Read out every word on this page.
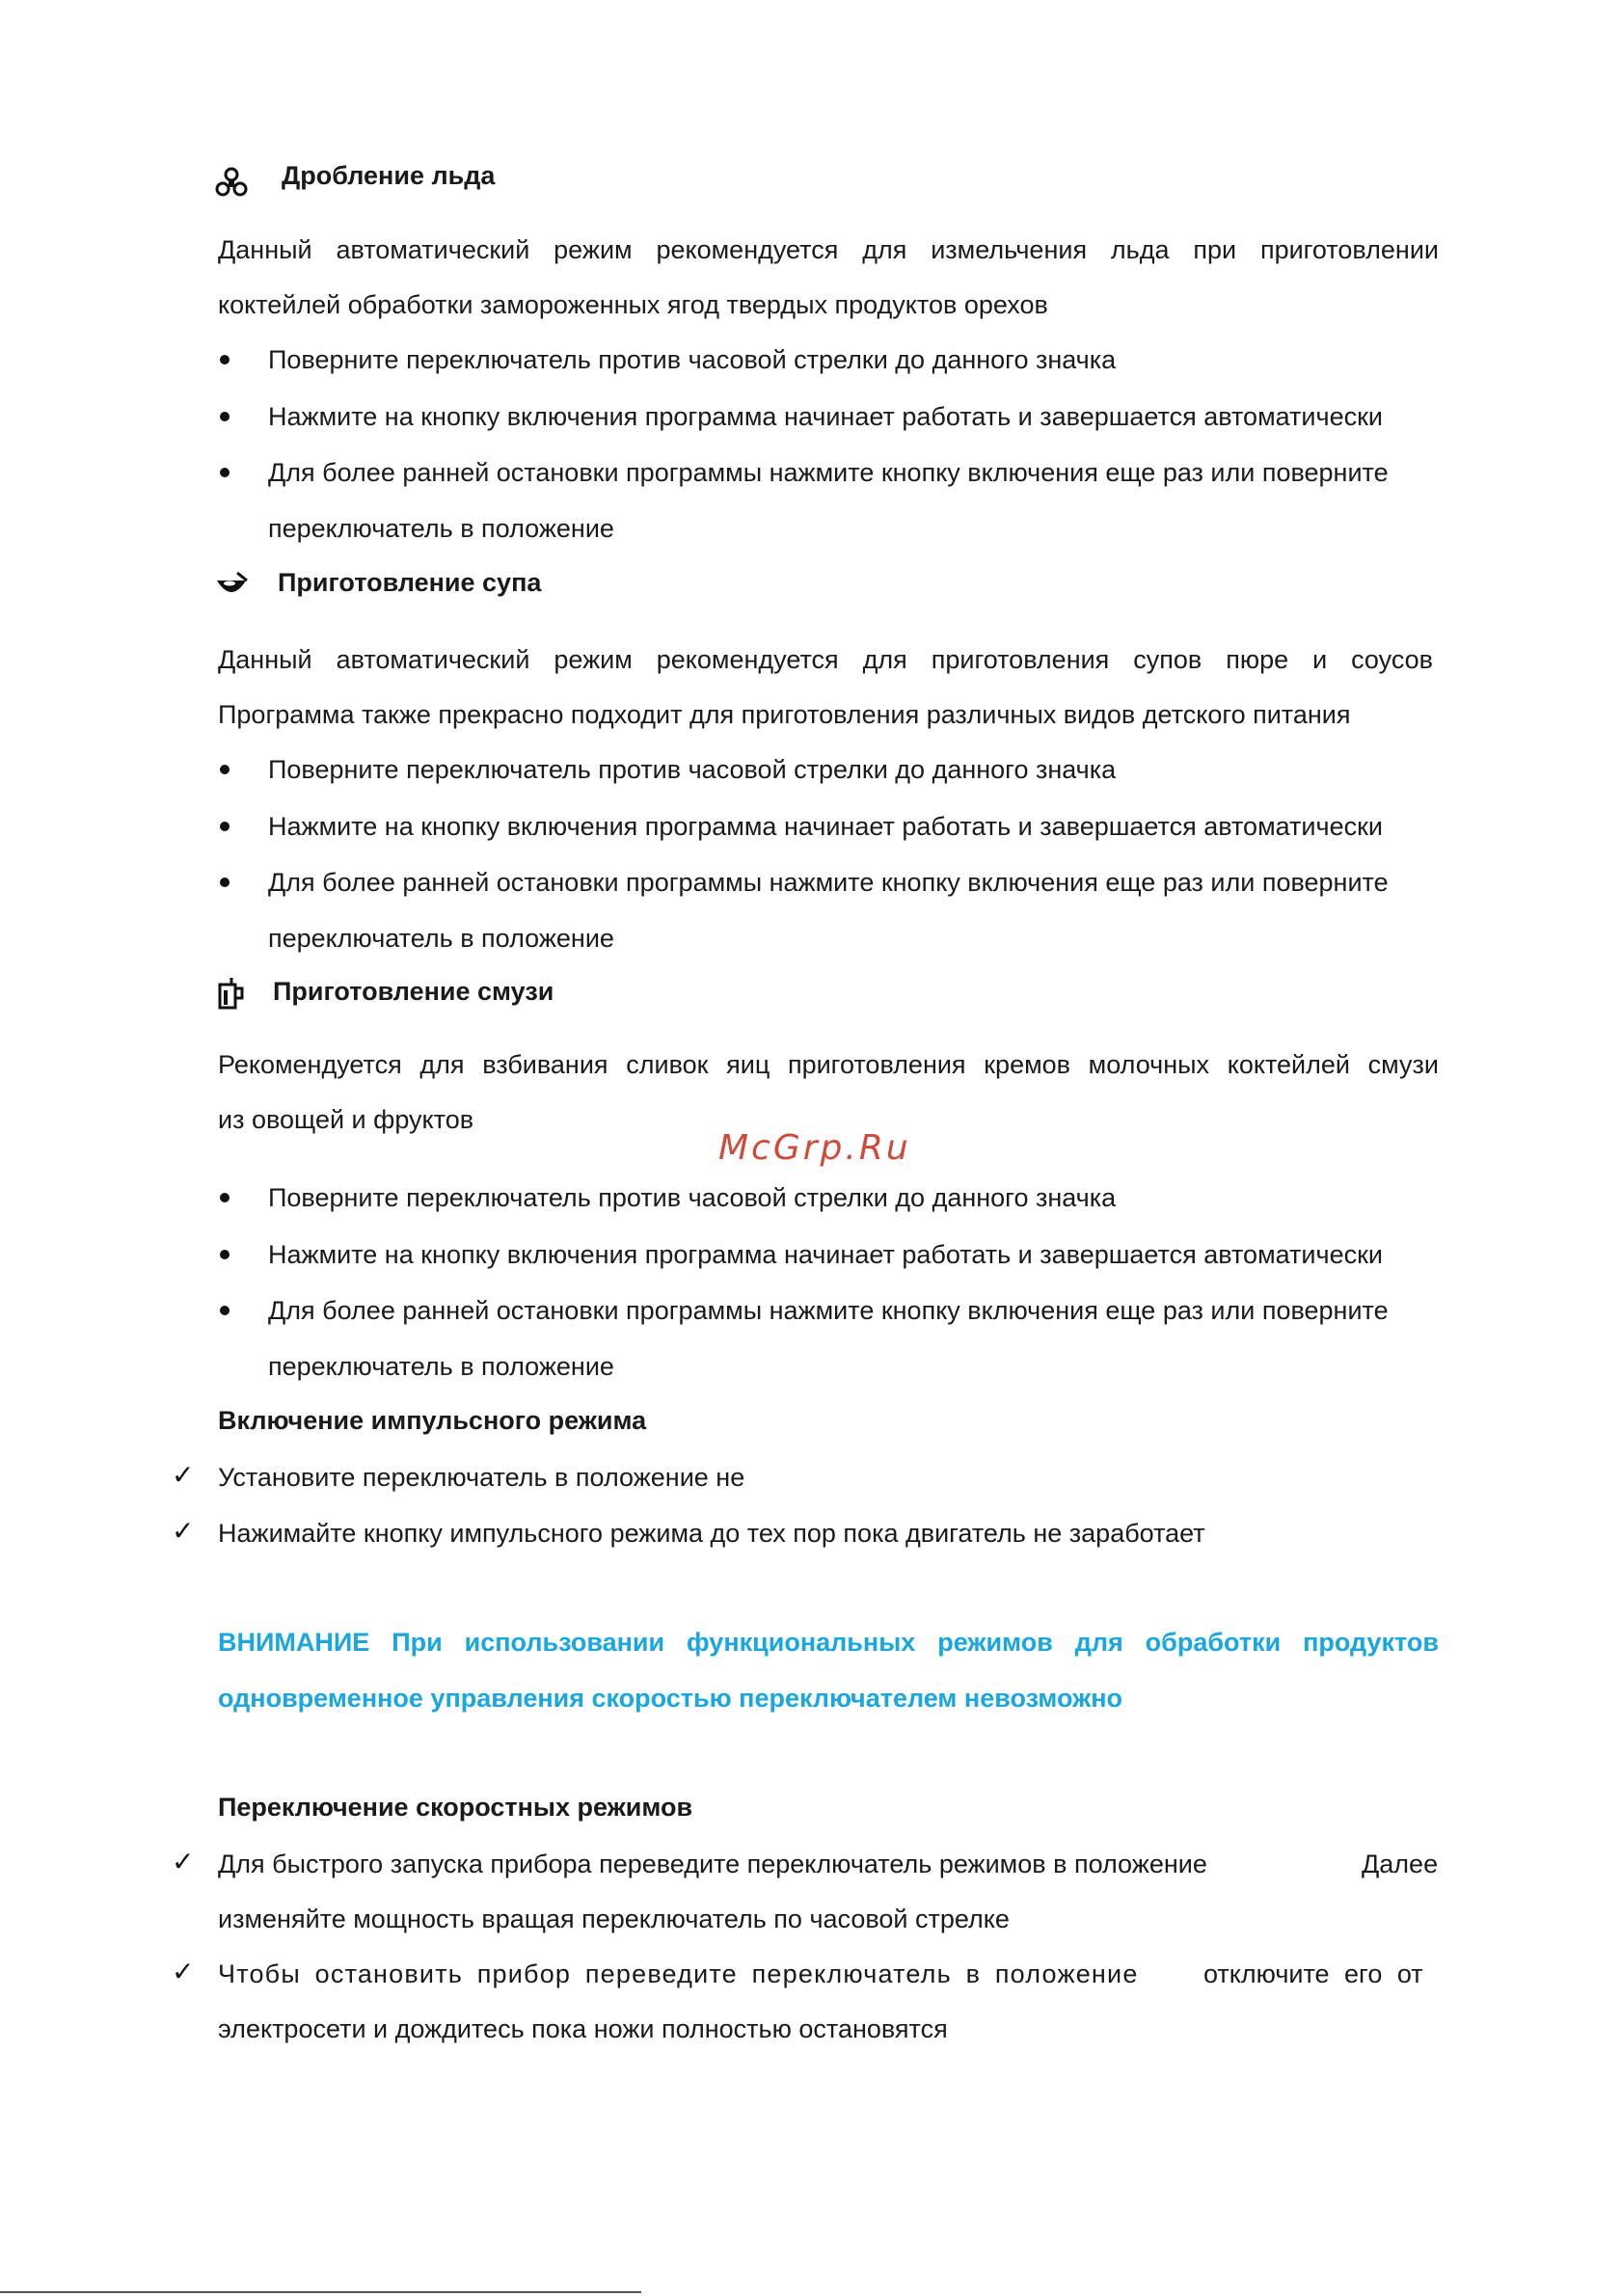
Дробление льда
Данный автоматический режим рекомендуется для измельчения льда при приготовлении
коктейлей обработки замороженных ягод твердых продуктов орехов
Поверните переключатель против часовой стрелки до данного значка
Нажмите на кнопку включения программа начинает работать и завершается автоматически
Для более ранней остановки программы нажмите кнопку включения еще раз или поверните
переключатель в положение
Приготовление супа
Данный автоматический режим рекомендуется для приготовления супов пюре и соусов
Программа также прекрасно подходит для приготовления различных видов детского питания
Поверните переключатель против часовой стрелки до данного значка
Нажмите на кнопку включения программа начинает работать и завершается автоматически
Для более ранней остановки программы нажмите кнопку включения еще раз или поверните
переключатель в положение
Приготовление смузи
Рекомендуется для взбивания сливок яиц приготовления кремов молочных коктейлей смузи
из овощей и фруктов
McGrp.Ru
Поверните переключатель против часовой стрелки до данного значка
Нажмите на кнопку включения программа начинает работать и завершается автоматически
Для более ранней остановки программы нажмите кнопку включения еще раз или поверните
переключатель в положение
Включение импульсного режима
✓ Установите переключатель в положение не
✓ Нажимайте кнопку импульсного режима до тех пор пока двигатель не заработает
ВНИМАНИЕ При использовании функциональных режимов для обработки продуктов
одновременное управления скоростью переключателем невозможно
Переключение скоростных режимов
✓ Для быстрого запуска прибора переведите переключатель режимов в положение	Далее
изменяйте мощность вращая переключатель по часовой стрелке
✓ Чтобы остановить прибор переведите переключатель в положение отключите его от
электросети и дождитесь пока ножи полностью остановятся
